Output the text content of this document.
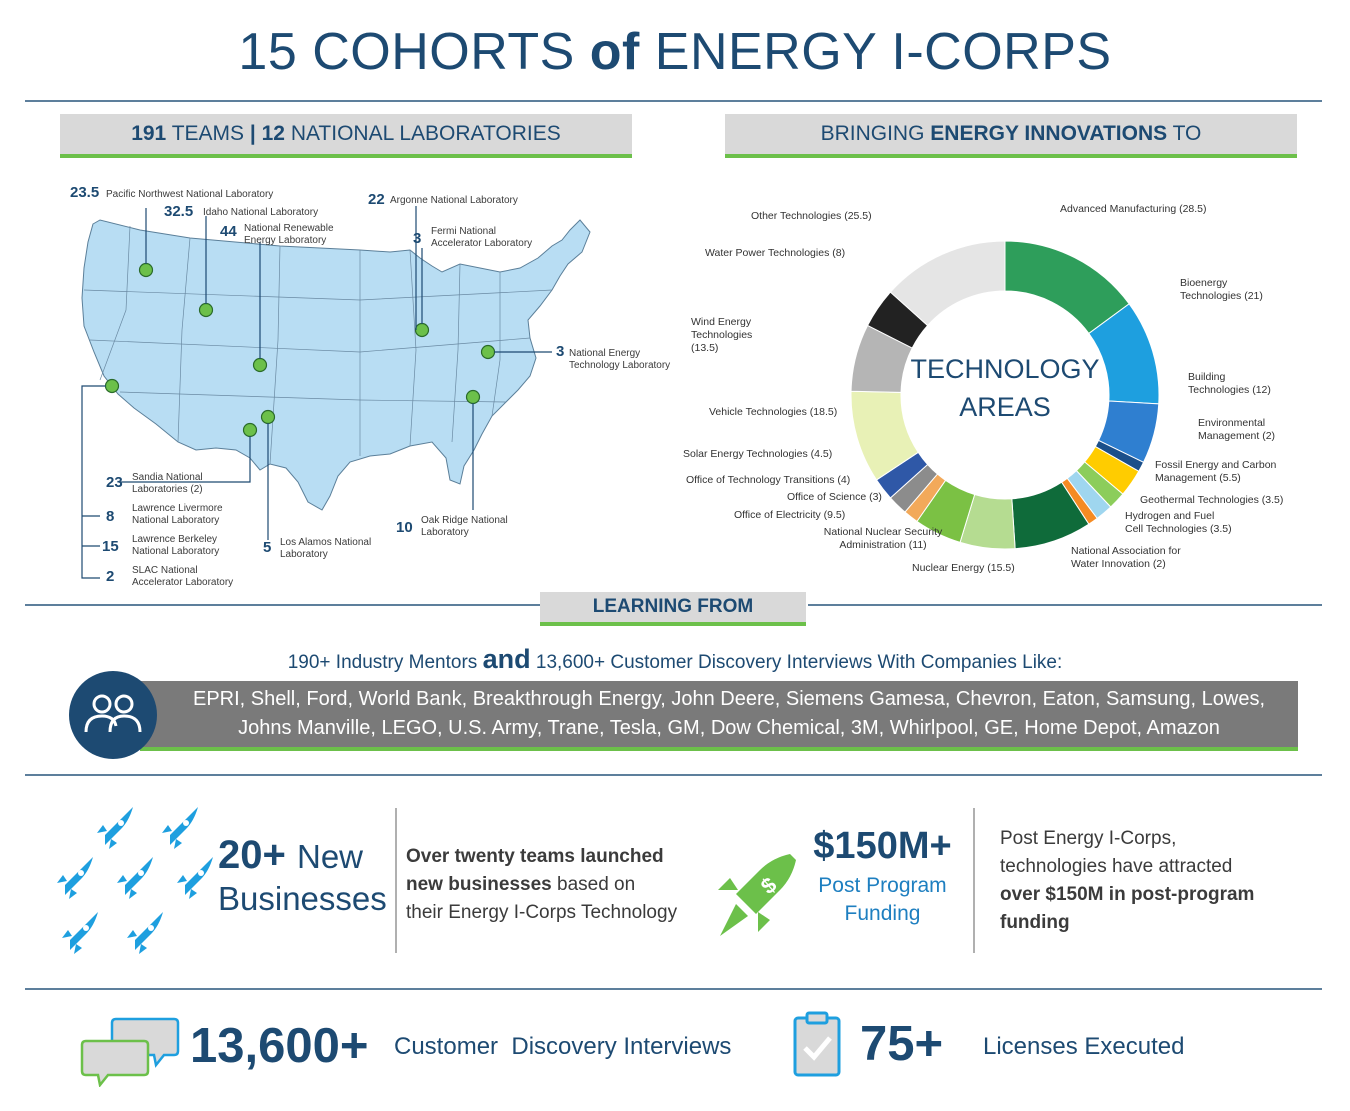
15 COHORTS of ENERGY I-CORPS
191 TEAMS | 12 NATIONAL LABORATORIES	BRINGING ENERGY INNOVATIONS TO
23.5 Pacific Northwest National Laboratory
32.5 Idaho National Laboratory
44 National Renewable Energy Laboratory
22 Argonne National Laboratory
3 Fermi National Accelerator Laboratory
3 National Energy Technology Laboratory
23 Sandia National Laboratories (2)
8 Lawrence Livermore National Laboratory
15 Lawrence Berkeley National Laboratory
2 SLAC National Accelerator Laboratory
5 Los Alamos National Laboratory
10 Oak Ridge National Laboratory
TECHNOLOGY
AREAS
Advanced Manufacturing (28.5)
Bioenergy Technologies (21)
Building Technologies (12)
Environmental Management (2)
Fossil Energy and Carbon Management (5.5)
Geothermal Technologies (3.5)
Hydrogen and Fuel Cell Technologies (3.5)
National Association for Water Innovation (2)
Nuclear Energy (15.5)
National Nuclear Security Administration (11)
Office of Electricity (9.5)
Office of Science (3)
Office of Technology Transitions (4)
Solar Energy Technologies (4.5)
Vehicle Technologies (18.5)
Wind Energy Technologies (13.5)
Water Power Technologies (8)
Other Technologies (25.5)
LEARNING FROM
190+ Industry Mentors and 13,600+ Customer Discovery Interviews With Companies Like:
EPRI, Shell, Ford, World Bank, Breakthrough Energy, John Deere, Siemens Gamesa, Chevron, Eaton, Samsung, Lowes,
Johns Manville, LEGO, U.S. Army, Trane, Tesla, GM, Dow Chemical, 3M, Whirlpool, GE, Home Depot, Amazon
20+ New
Businesses
Over twenty teams launched
new businesses based on
their Energy I-Corps Technology
$
$150M+
Post Program
Funding
Post Energy I-Corps,
technologies have attracted
over $150M in post-program
funding
13,600+ Customer  Discovery Interviews	75+ Licenses Executed
